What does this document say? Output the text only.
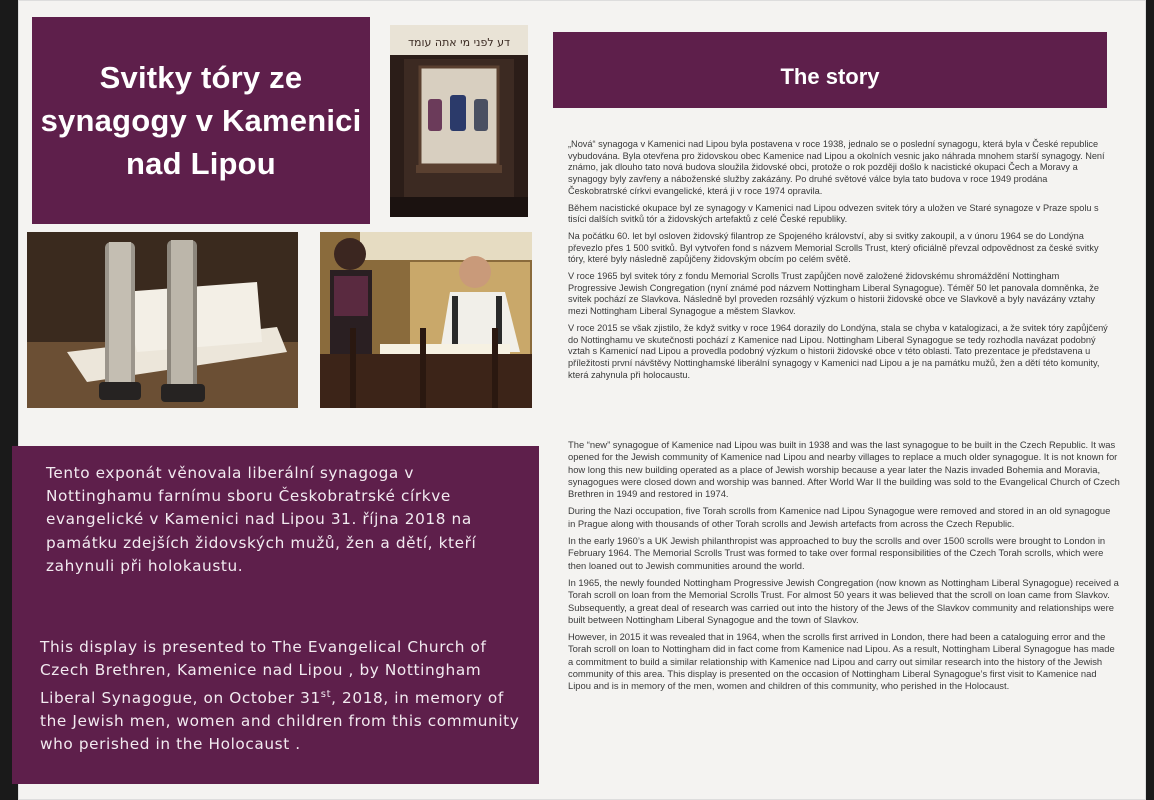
Svitky tóry ze synagogy v Kamenici nad Lipou
דע לפני מי אתה עומד
The story

„Nová“ synagoga v Kamenici nad Lipou byla postavena v roce 1938, jednalo se o poslední synagogu, která byla v České republice vybudována. Byla otevřena pro židovskou obec Kamenice nad Lipou a okolních vesnic jako náhrada mnohem starší synagogy. Není známo, jak dlouho tato nová budova sloužila židovské obci, protože o rok později došlo k nacistické okupaci Čech a Moravy a synagogy byly zavřeny a náboženské služby zakázány. Po druhé světové válce byla tato budova v roce 1949 prodána Českobratrské církvi evangelické, která ji v roce 1974 opravila.

Během nacistické okupace byl ze synagogy v Kamenici nad Lipou odvezen svitek tóry a uložen ve Staré synagoze v Praze spolu s tisíci dalších svitků tór a židovských artefaktů z celé České republiky.

Na počátku 60. let byl osloven židovský filantrop ze Spojeného království, aby si svitky zakoupil, a v únoru 1964 se do Londýna převezlo přes 1 500 svitků. Byl vytvořen fond s názvem Memorial Scrolls Trust, který oficiálně převzal odpovědnost za české svitky tóry, které byly následně zapůjčeny židovským obcím po celém světě.

V roce 1965 byl svitek tóry z fondu Memorial Scrolls Trust zapůjčen nově založené židovskému shromáždění Nottingham Progressive Jewish Congregation (nyní známé pod názvem Nottingham Liberal Synagogue). Téměř 50 let panovala domněnka, že svitek pochází ze Slavkova. Následně byl proveden rozsáhlý výzkum o historii židovské obce ve Slavkově a byly navázány vztahy mezi Nottingham Liberal Synagogue a městem Slavkov.

V roce 2015 se však zjistilo, že když svitky v roce 1964 dorazily do Londýna, stala se chyba v katalogizaci, a že svitek tóry zapůjčený do Nottinghamu ve skutečnosti pochází z Kamenice nad Lipou. Nottingham Liberal Synagogue se tedy rozhodla navázat podobný vztah s Kamenicí nad Lipou a provedla podobný výzkum o historii židovské obce v této oblasti. Tato prezentace je představena u příležitosti první návštěvy Nottinghamské liberální synagogy v Kamenici nad Lipou a je na památku mužů, žen a dětí této komunity, která zahynula při holocaustu.

The “new” synagogue of Kamenice nad Lipou was built in 1938 and was the last synagogue to be built in the Czech Republic. It was opened for the Jewish community of Kamenice nad Lipou and nearby villages to replace a much older synagogue. It is not known for how long this new building operated as a place of Jewish worship because a year later the Nazis invaded Bohemia and Moravia, synagogues were closed down and worship was banned. After World War II the building was sold to the Evangelical Church of Czech Brethren in 1949 and restored in 1974.

During the Nazi occupation, five Torah scrolls from Kamenice nad Lipou Synagogue were removed and stored in an old synagogue in Prague along with thousands of other Torah scrolls and Jewish artefacts from across the Czech Republic.

In the early 1960’s a UK Jewish philanthropist was approached to buy the scrolls and over 1500 scrolls were brought to London in February 1964. The Memorial Scrolls Trust was formed to take over formal responsibilities of the Czech Torah scrolls, which were then loaned out to Jewish communities around the world.

In 1965, the newly founded Nottingham Progressive Jewish Congregation (now known as Nottingham Liberal Synagogue) received a Torah scroll on loan from the Memorial Scrolls Trust. For almost 50 years it was believed that the scroll on loan came from Slavkov. Subsequently, a great deal of research was carried out into the history of the Jews of the Slavkov community and relationships were built between Nottingham Liberal Synagogue and the town of Slavkov.

However, in 2015 it was revealed that in 1964, when the scrolls first arrived in London, there had been a cataloguing error and the Torah scroll on loan to Nottingham did in fact come from Kamenice nad Lipou. As a result, Nottingham Liberal Synagogue has made a commitment to build a similar relationship with Kamenice nad Lipou and carry out similar research into the history of the Jewish community of this area. This display is presented on the occasion of Nottingham Liberal Synagogue’s first visit to Kamenice nad Lipou and is in memory of the men, women and children of this community, who perished in the Holocaust.

Tento exponát věnovala liberální synagoga v Nottinghamu farnímu sboru Českobratrské církve evangelické v Kamenici nad Lipou 31. října 2018 na památku zdejších židovských mužů, žen a dětí, kteří zahynuli při holokaustu.
This display is presented to The Evangelical Church of Czech Brethren, Kamenice nad Lipou , by Nottingham Liberal Synagogue, on October 31st, 2018, in memory of the Jewish men, women and children from this community who perished in the Holocaust .
